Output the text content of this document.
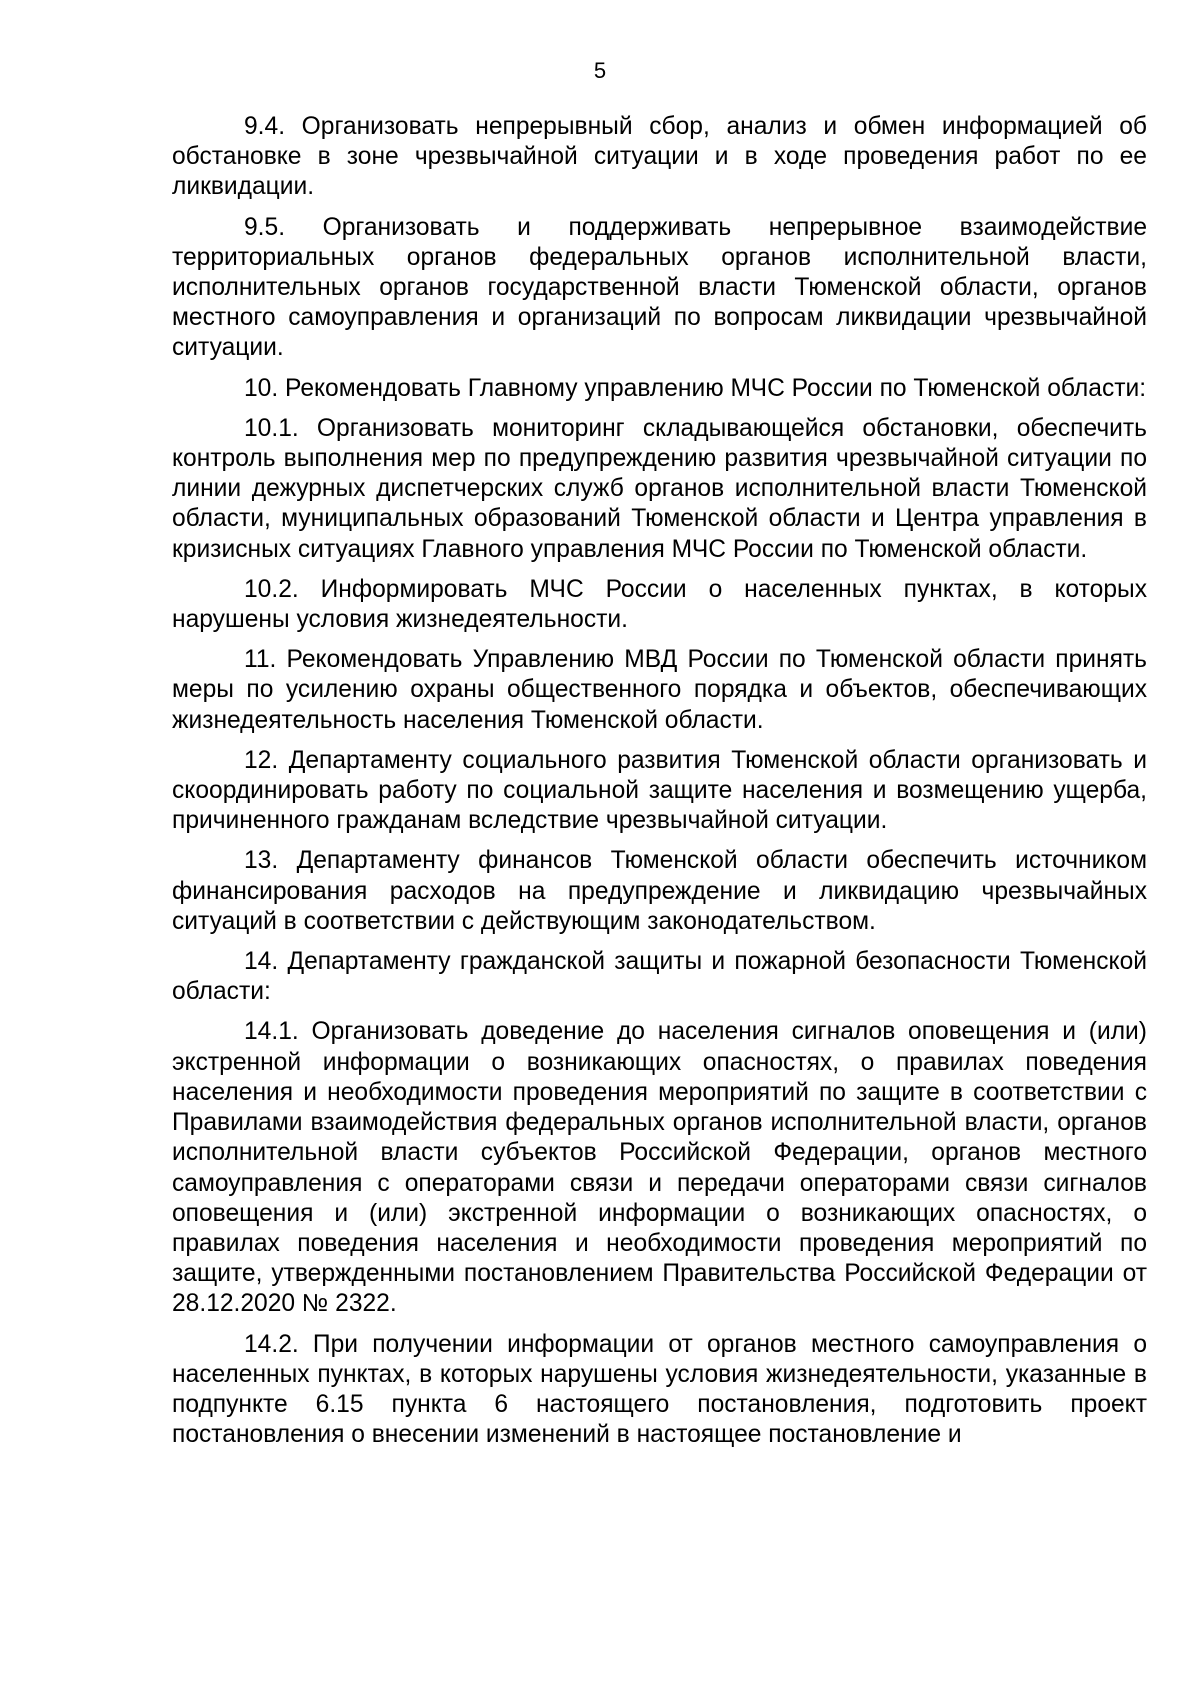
5

9.4. Организовать непрерывный сбор, анализ и обмен информацией об обстановке в зоне чрезвычайной ситуации и в ходе проведения работ по ее ликвидации.

9.5. Организовать и поддерживать непрерывное взаимодействие территориальных органов федеральных органов исполнительной власти, исполнительных органов государственной власти Тюменской области, органов местного самоуправления и организаций по вопросам ликвидации чрезвычайной ситуации.

10. Рекомендовать Главному управлению МЧС России по Тюменской области:

10.1. Организовать мониторинг складывающейся обстановки, обеспечить контроль выполнения мер по предупреждению развития чрезвычайной ситуации по линии дежурных диспетчерских служб органов исполнительной власти Тюменской области, муниципальных образований Тюменской области и Центра управления в кризисных ситуациях Главного управления МЧС России по Тюменской области.

10.2. Информировать МЧС России о населенных пунктах, в которых нарушены условия жизнедеятельности.

11. Рекомендовать Управлению МВД России по Тюменской области принять меры по усилению охраны общественного порядка и объектов, обеспечивающих жизнедеятельность населения Тюменской области.

12. Департаменту социального развития Тюменской области организовать и скоординировать работу по социальной защите населения и возмещению ущерба, причиненного гражданам вследствие чрезвычайной ситуации.

13. Департаменту финансов Тюменской области обеспечить источником финансирования расходов на предупреждение и ликвидацию чрезвычайных ситуаций в соответствии с действующим законодательством.

14. Департаменту гражданской защиты и пожарной безопасности Тюменской области:

14.1. Организовать доведение до населения сигналов оповещения и (или) экстренной информации о возникающих опасностях, о правилах поведения населения и необходимости проведения мероприятий по защите в соответствии с Правилами взаимодействия федеральных органов исполнительной власти, органов исполнительной власти субъектов Российской Федерации, органов местного самоуправления с операторами связи и передачи операторами связи сигналов оповещения и (или) экстренной информации о возникающих опасностях, о правилах поведения населения и необходимости проведения мероприятий по защите, утвержденными постановлением Правительства Российской Федерации от 28.12.2020 № 2322.

14.2. При получении информации от органов местного самоуправления о населенных пунктах, в которых нарушены условия жизнедеятельности, указанные в подпункте 6.15 пункта 6 настоящего постановления, подготовить проект постановления о внесении изменений в настоящее постановление и
